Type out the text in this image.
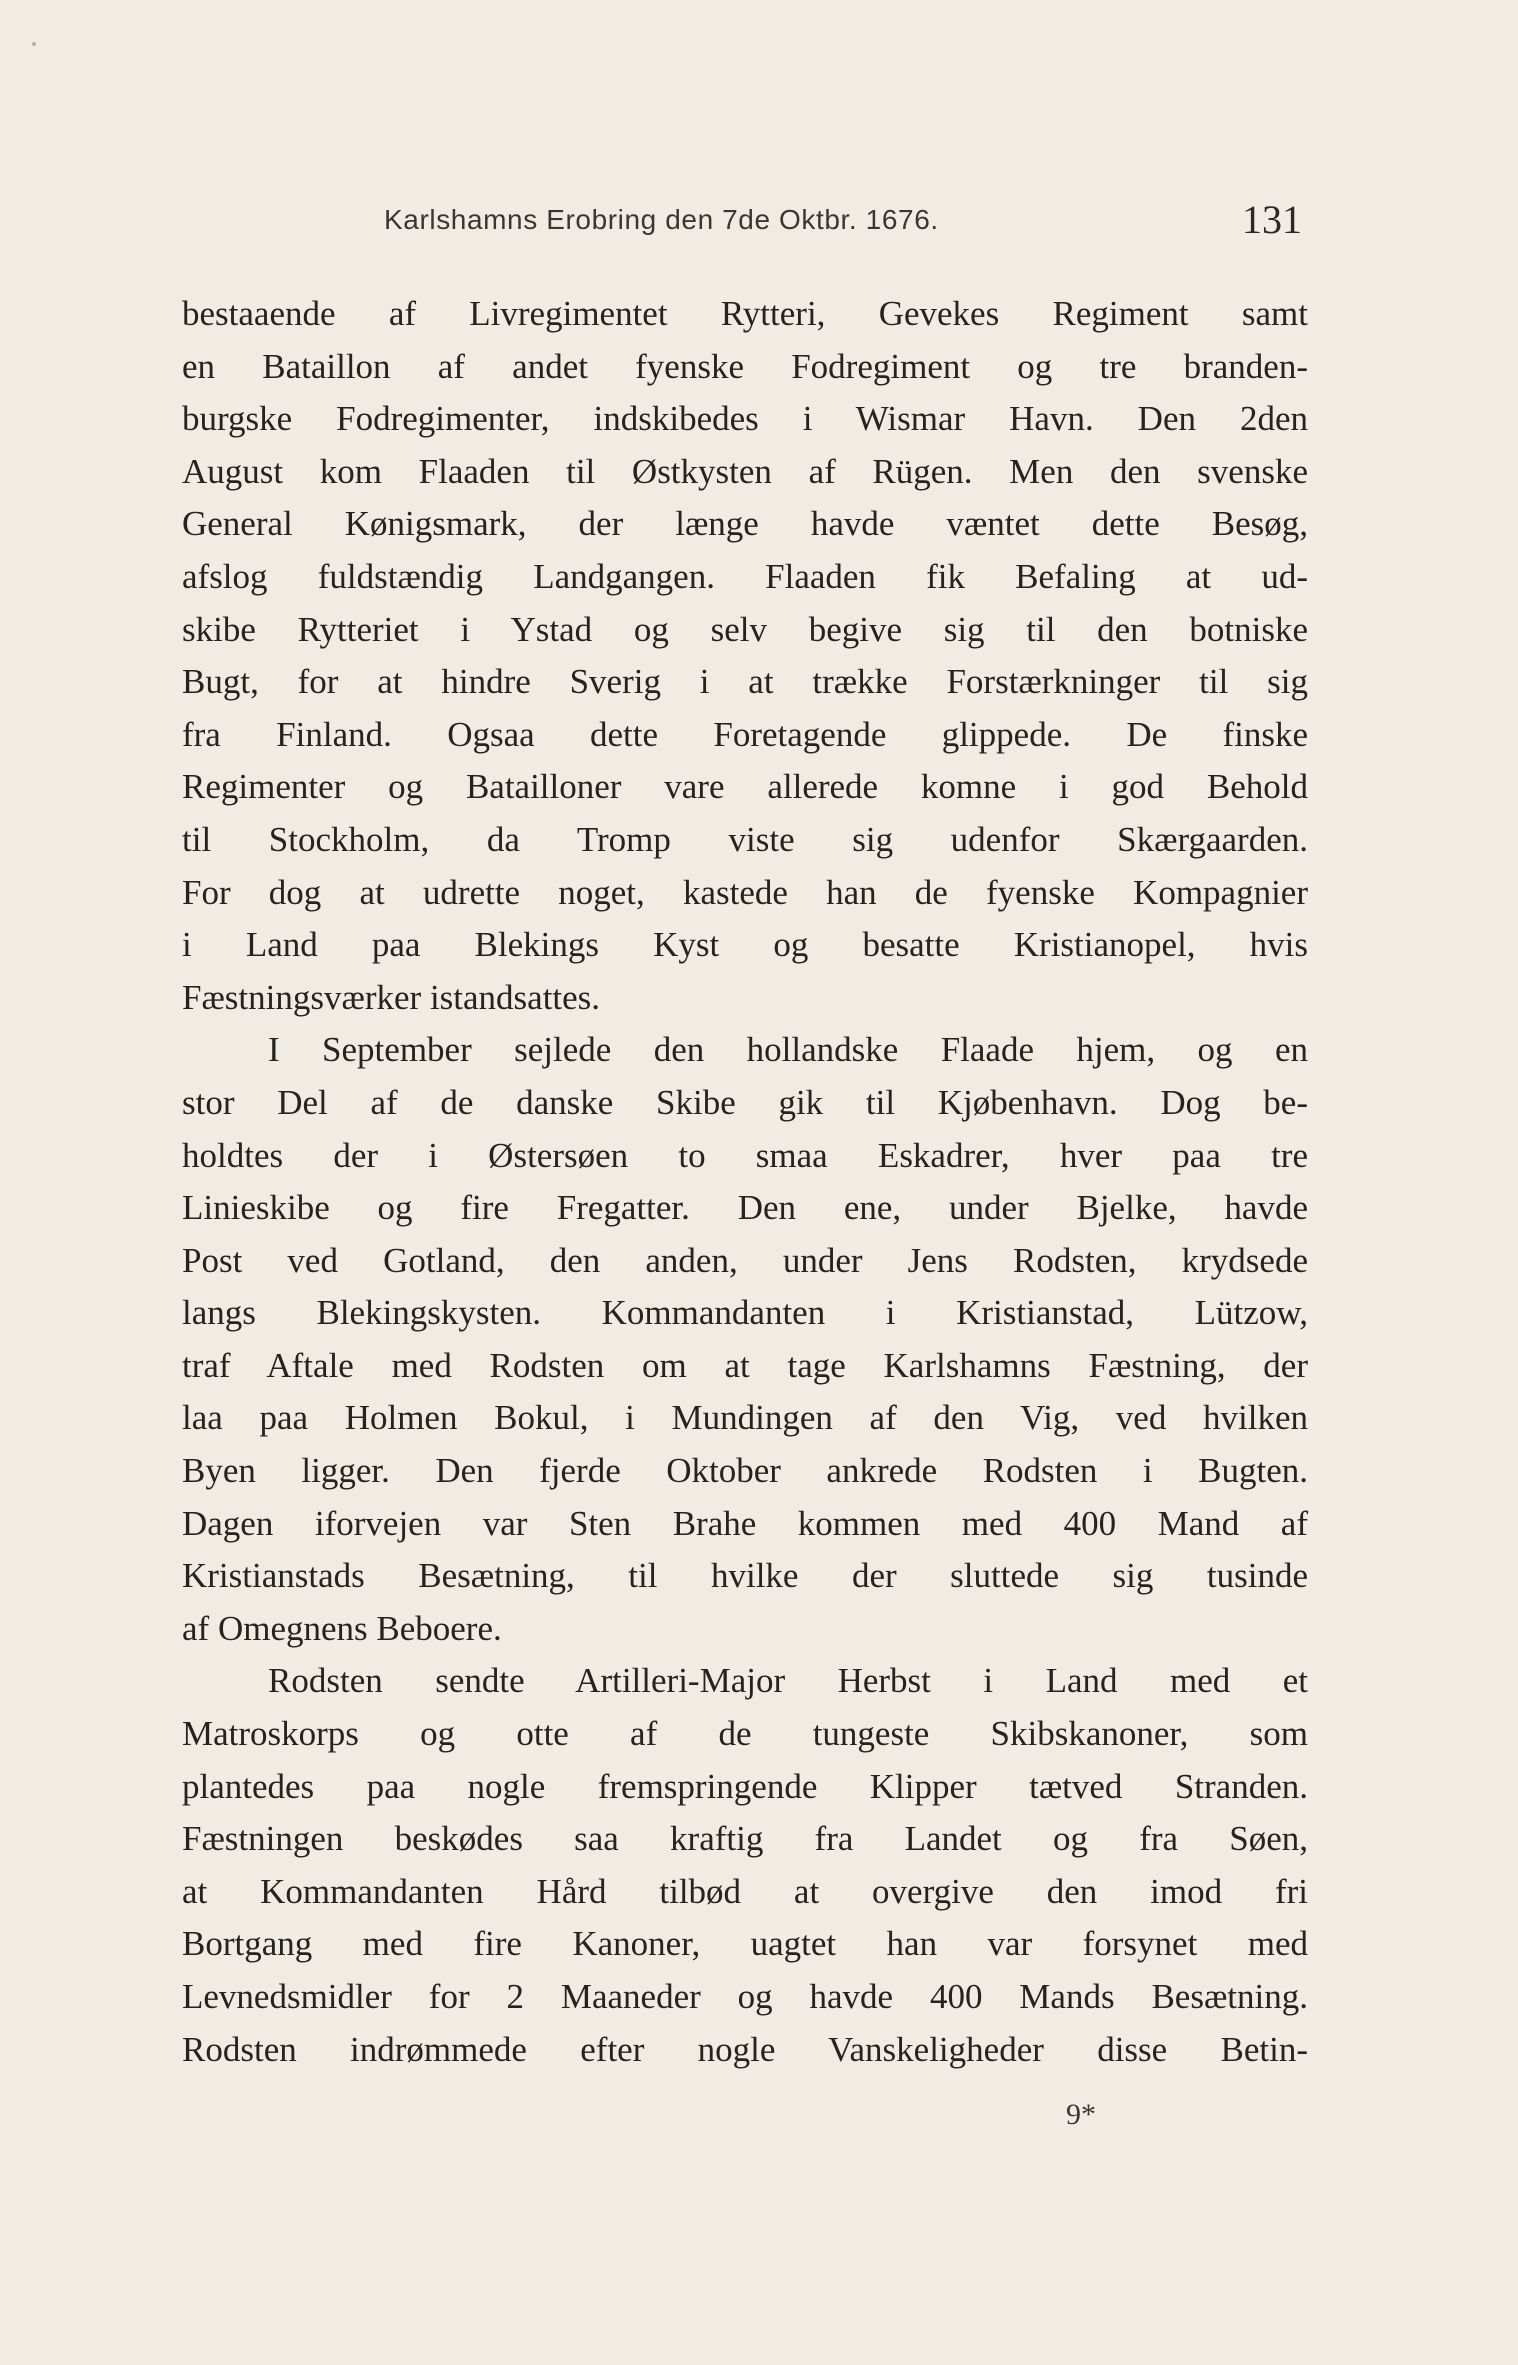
Karlshamns Erobring den 7de Oktbr. 1676.	131
bestaaende af Livregimentet Rytteri, Gevekes Regiment samt
en Bataillon af andet fyenske Fodregiment og tre branden-
burgske Fodregimenter, indskibedes i Wismar Havn. Den 2den
August kom Flaaden til Østkysten af Rügen. Men den svenske
General Kønigsmark, der længe havde væntet dette Besøg,
afslog fuldstændig Landgangen. Flaaden fik Befaling at ud-
skibe Rytteriet i Ystad og selv begive sig til den botniske
Bugt, for at hindre Sverig i at trække Forstærkninger til sig
fra Finland. Ogsaa dette Foretagende glippede. De finske
Regimenter og Bataillоner vare allerede komne i god Behold
til Stockholm, da Tromp viste sig udenfor Skærgaarden.
For dog at udrette noget, kastede han de fyenske Kompagnier
i Land paa Blekings Kyst og besatte Kristianopel, hvis
Fæstningsværker istandsattes.
I September sejlede den hollandske Flaade hjem, og en
stor Del af de danske Skibe gik til Kjøbenhavn. Dog be-
holdtes der i Østersøen to smaa Eskadrer, hver paa tre
Linieskibe og fire Fregatter. Den ene, under Bjelke, havde
Post ved Gotland, den anden, under Jens Rodsten, krydsede
langs Blekingskysten. Kommandanten i Kristianstad, Lützow,
traf Aftale med Rodsten om at tage Karlshamns Fæstning, der
laa paa Holmen Bokul, i Mundingen af den Vig, ved hvilken
Byen ligger. Den fjerde Oktober ankrede Rodsten i Bugten.
Dagen iforvejen var Sten Brahe kommen med 400 Mand af
Kristianstads Besætning, til hvilke der sluttede sig tusinde
af Omegnens Beboere.
Rodsten sendte Artilleri-Major Herbst i Land med et
Matroskorps og otte af de tungeste Skibskanoner, som
plantedes paa nogle fremspringende Klipper tætved Stranden.
Fæstningen beskødes saa kraftig fra Landet og fra Søen,
at Kommandanten Hård tilbød at overgive den imod fri
Bortgang med fire Kanoner, uagtet han var forsynet med
Levnedsmidler for 2 Maaneder og havde 400 Mands Besætning.
Rodsten indrømmede efter nogle Vanskeligheder disse Betin-
9*
